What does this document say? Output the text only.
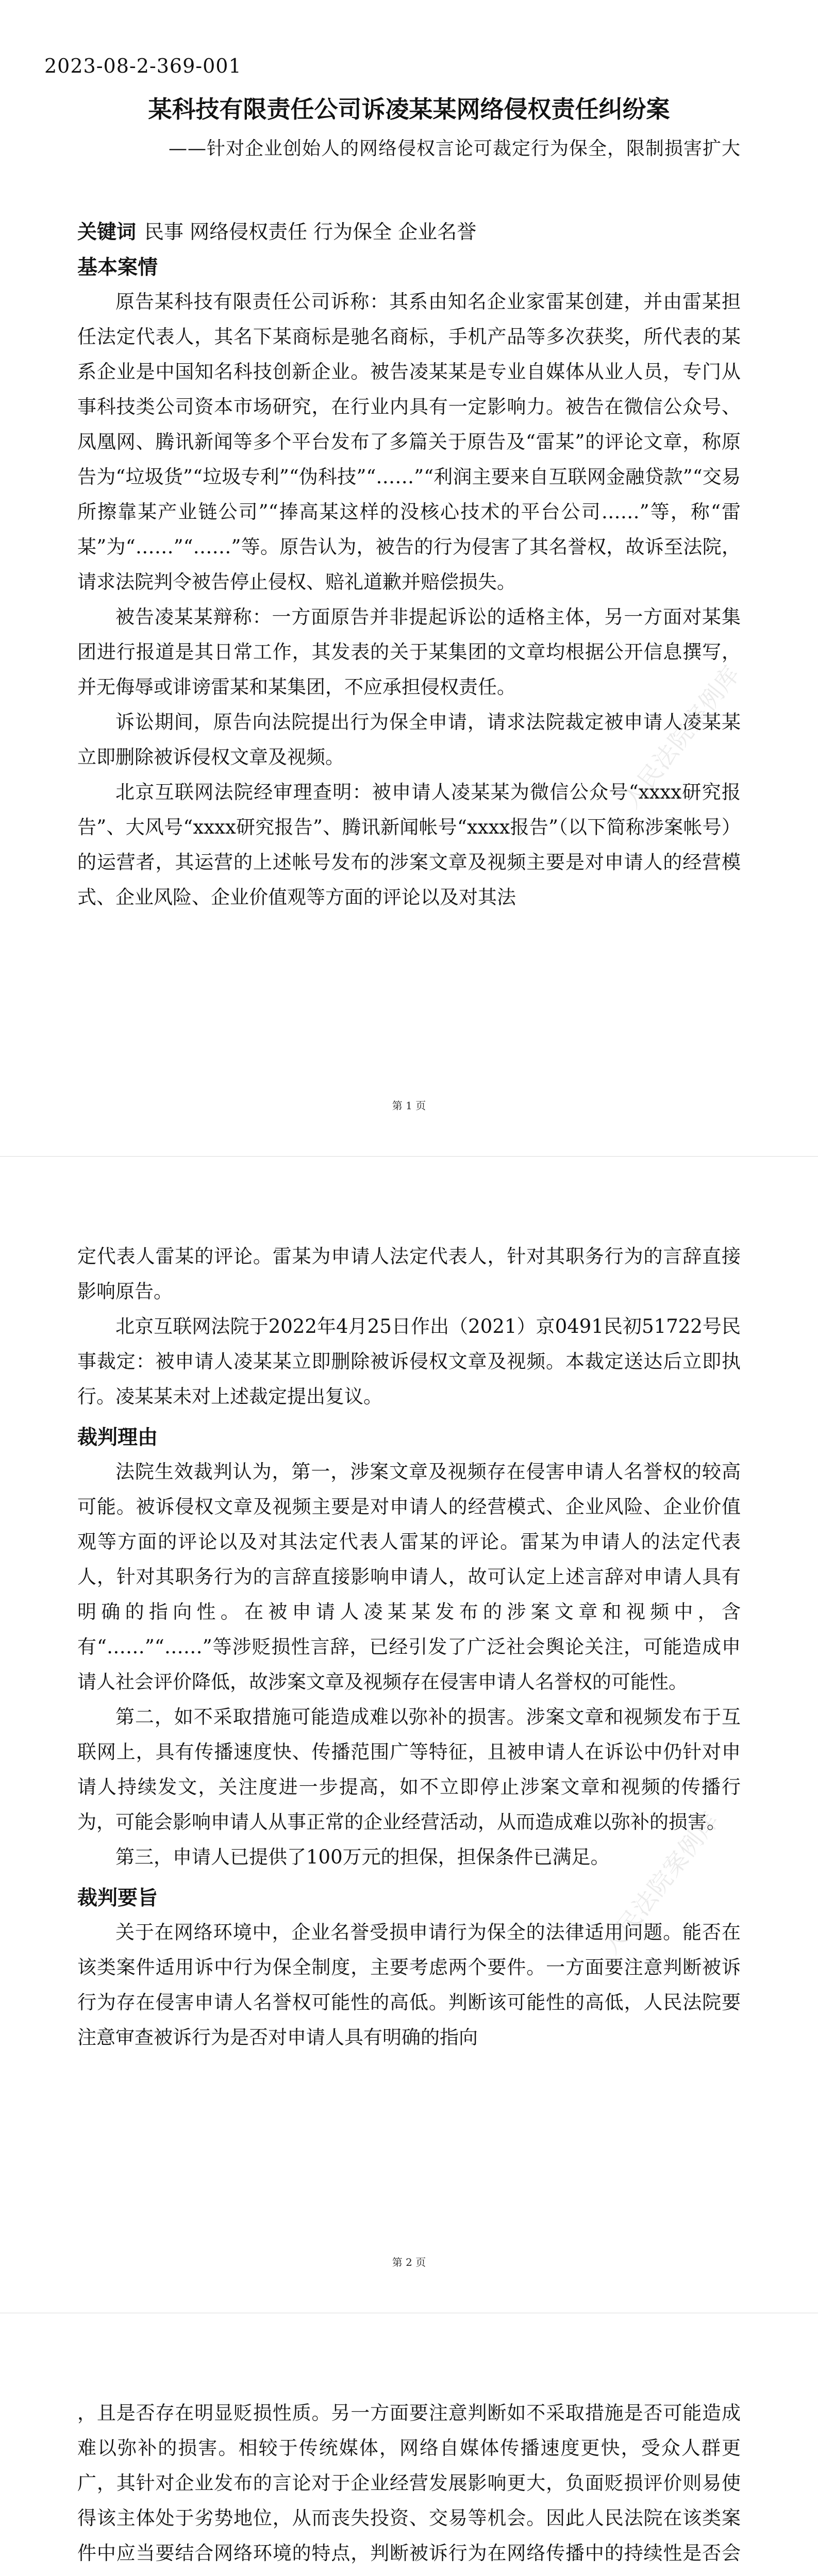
2023-08-2-369-001
某科技有限责任公司诉凌某某网络侵权责任纠纷案

——针对企业创始人的网络侵权言论可裁定行为保全，限制损害扩大

关键词 民事 网络侵权责任 行为保全 企业名誉

基本案情

原告某科技有限责任公司诉称：其系由知名企业家雷某创建，并由雷某担任法定代表人，其名下某商标是驰名商标，手机产品等多次获奖，所代表的某系企业是中国知名科技创新企业。被告凌某某是专业自媒体从业人员，专门从事科技类公司资本市场研究，在行业内具有一定影响力。被告在微信公众号、凤凰网、腾讯新闻等多个平台发布了多篇关于原告及“雷某”的评论文章，称原告为“垃圾货”“垃圾专利”“伪科技”“……”“利润主要来自互联网金融贷款”“交易所擦靠某产业链公司”“捧高某这样的没核心技术的平台公司……”等，称“雷某”为“……”“……”等。原告认为，被告的行为侵害了其名誉权，故诉至法院，请求法院判令被告停止侵权、赔礼道歉并赔偿损失。

被告凌某某辩称：一方面原告并非提起诉讼的适格主体，另一方面对某集团进行报道是其日常工作，其发表的关于某集团的文章均根据公开信息撰写，并无侮辱或诽谤雷某和某集团，不应承担侵权责任。

诉讼期间，原告向法院提出行为保全申请，请求法院裁定被申请人凌某某立即删除被诉侵权文章及视频。

北京互联网法院经审理查明：被申请人凌某某为微信公众号“xxxx研究报告”、大风号“xxxx研究报告”、腾讯新闻帐号“xxxx报告”（以下简称涉案帐号）的运营者，其运营的上述帐号发布的涉案文章及视频主要是对申请人的经营模式、企业风险、企业价值观等方面的评论以及对其法

人民法院案例库
第 1 页

定代表人雷某的评论。雷某为申请人法定代表人，针对其职务行为的言辞直接影响原告。

北京互联网法院于2022年4月25日作出（2021）京0491民初51722号民事裁定：被申请人凌某某立即删除被诉侵权文章及视频。本裁定送达后立即执行。凌某某未对上述裁定提出复议。

裁判理由

法院生效裁判认为，第一，涉案文章及视频存在侵害申请人名誉权的较高可能。被诉侵权文章及视频主要是对申请人的经营模式、企业风险、企业价值观等方面的评论以及对其法定代表人雷某的评论。雷某为申请人的法定代表人，针对其职务行为的言辞直接影响申请人，故可认定上述言辞对申请人具有明确的指向性。在被申请人凌某某发布的涉案文章和视频中，含有“……”“……”等涉贬损性言辞，已经引发了广泛社会舆论关注，可能造成申请人社会评价降低，故涉案文章及视频存在侵害申请人名誉权的可能性。

第二，如不采取措施可能造成难以弥补的损害。涉案文章和视频发布于互联网上，具有传播速度快、传播范围广等特征，且被申请人在诉讼中仍针对申请人持续发文，关注度进一步提高，如不立即停止涉案文章和视频的传播行为，可能会影响申请人从事正常的企业经营活动，从而造成难以弥补的损害。

第三，申请人已提供了100万元的担保，担保条件已满足。

裁判要旨

关于在网络环境中，企业名誉受损申请行为保全的法律适用问题。能否在该类案件适用诉中行为保全制度，主要考虑两个要件。一方面要注意判断被诉行为存在侵害申请人名誉权可能性的高低。判断该可能性的高低，人民法院要注意审查被诉行为是否对申请人具有明确的指向

人民法院案例库
第 2 页

，且是否存在明显贬损性质。另一方面要注意判断如不采取措施是否可能造成难以弥补的损害。相较于传统媒体，网络自媒体传播速度更快，受众人群更广，其针对企业发布的言论对于企业经营发展影响更大，负面贬损评价则易使得该主体处于劣势地位，从而丧失投资、交易等机会。因此人民法院在该类案件中应当要结合网络环境的特点，判断被诉行为在网络传播中的持续性是否会
